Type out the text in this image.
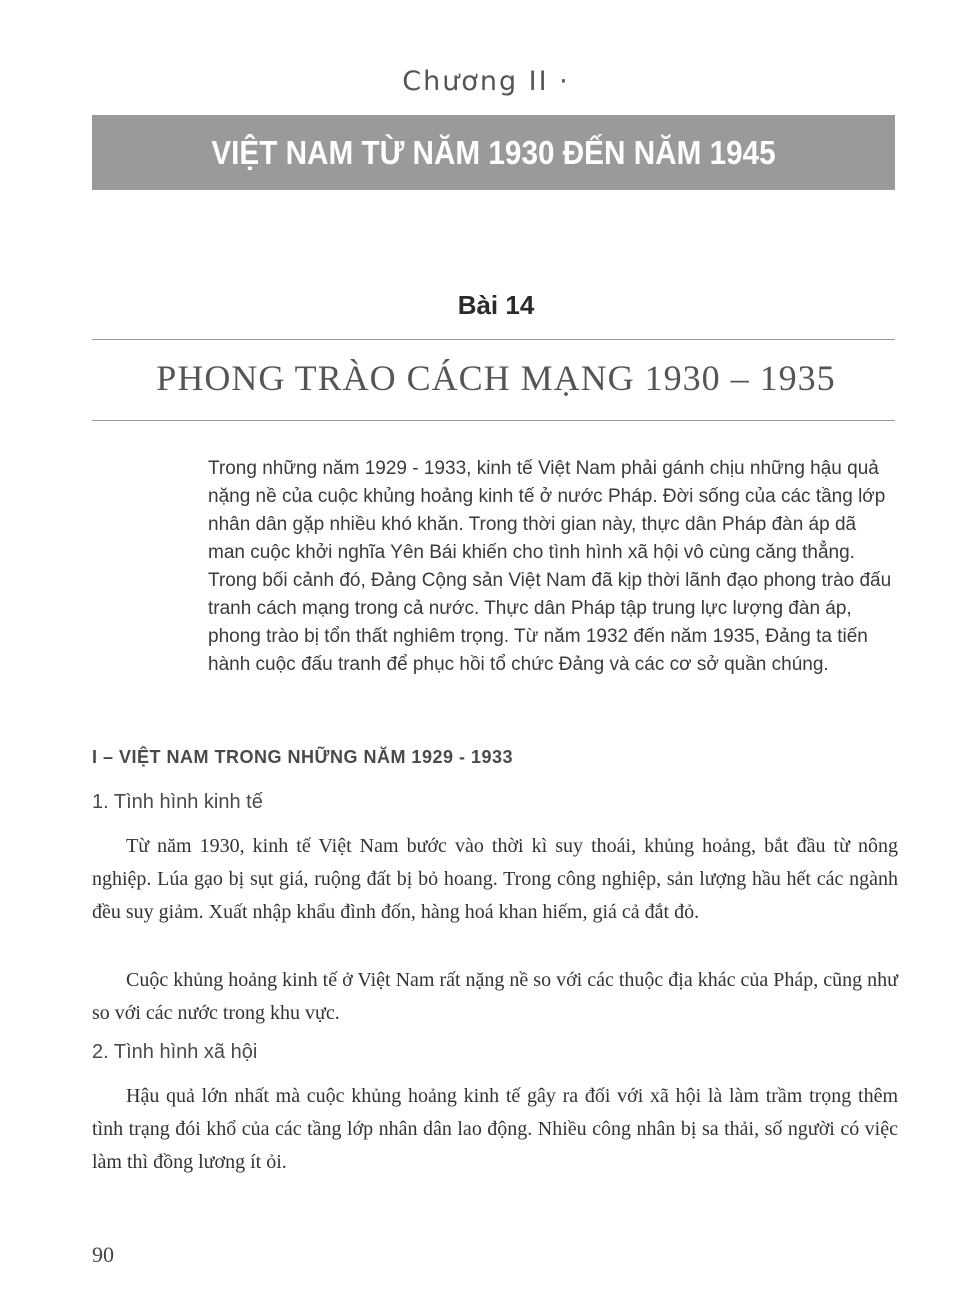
Chương II ·
VIỆT NAM TỪ NĂM 1930 ĐẾN NĂM 1945
Bài 14
PHONG TRÀO CÁCH MẠNG 1930 – 1935

Trong những năm 1929 - 1933, kinh tế Việt Nam phải gánh chịu những hậu quả nặng nề của cuộc khủng hoảng kinh tế ở nước Pháp. Đời sống của các tầng lớp nhân dân gặp nhiều khó khăn. Trong thời gian này, thực dân Pháp đàn áp dã man cuộc khởi nghĩa Yên Bái khiến cho tình hình xã hội vô cùng căng thẳng. Trong bối cảnh đó, Đảng Cộng sản Việt Nam đã kịp thời lãnh đạo phong trào đấu tranh cách mạng trong cả nước. Thực dân Pháp tập trung lực lượng đàn áp, phong trào bị tổn thất nghiêm trọng. Từ năm 1932 đến năm 1935, Đảng ta tiến hành cuộc đấu tranh để phục hồi tổ chức Đảng và các cơ sở quần chúng.

I – VIỆT NAM TRONG NHỮNG NĂM 1929 - 1933
1. Tình hình kinh tế

Từ năm 1930, kinh tế Việt Nam bước vào thời kì suy thoái, khủng hoảng, bắt đầu từ nông nghiệp. Lúa gạo bị sụt giá, ruộng đất bị bỏ hoang. Trong công nghiệp, sản lượng hầu hết các ngành đều suy giảm. Xuất nhập khẩu đình đốn, hàng hoá khan hiếm, giá cả đắt đỏ.

Cuộc khủng hoảng kinh tế ở Việt Nam rất nặng nề so với các thuộc địa khác của Pháp, cũng như so với các nước trong khu vực.

2. Tình hình xã hội

Hậu quả lớn nhất mà cuộc khủng hoảng kinh tế gây ra đối với xã hội là làm trầm trọng thêm tình trạng đói khổ của các tầng lớp nhân dân lao động. Nhiều công nhân bị sa thải, số người có việc làm thì đồng lương ít ỏi.

90
